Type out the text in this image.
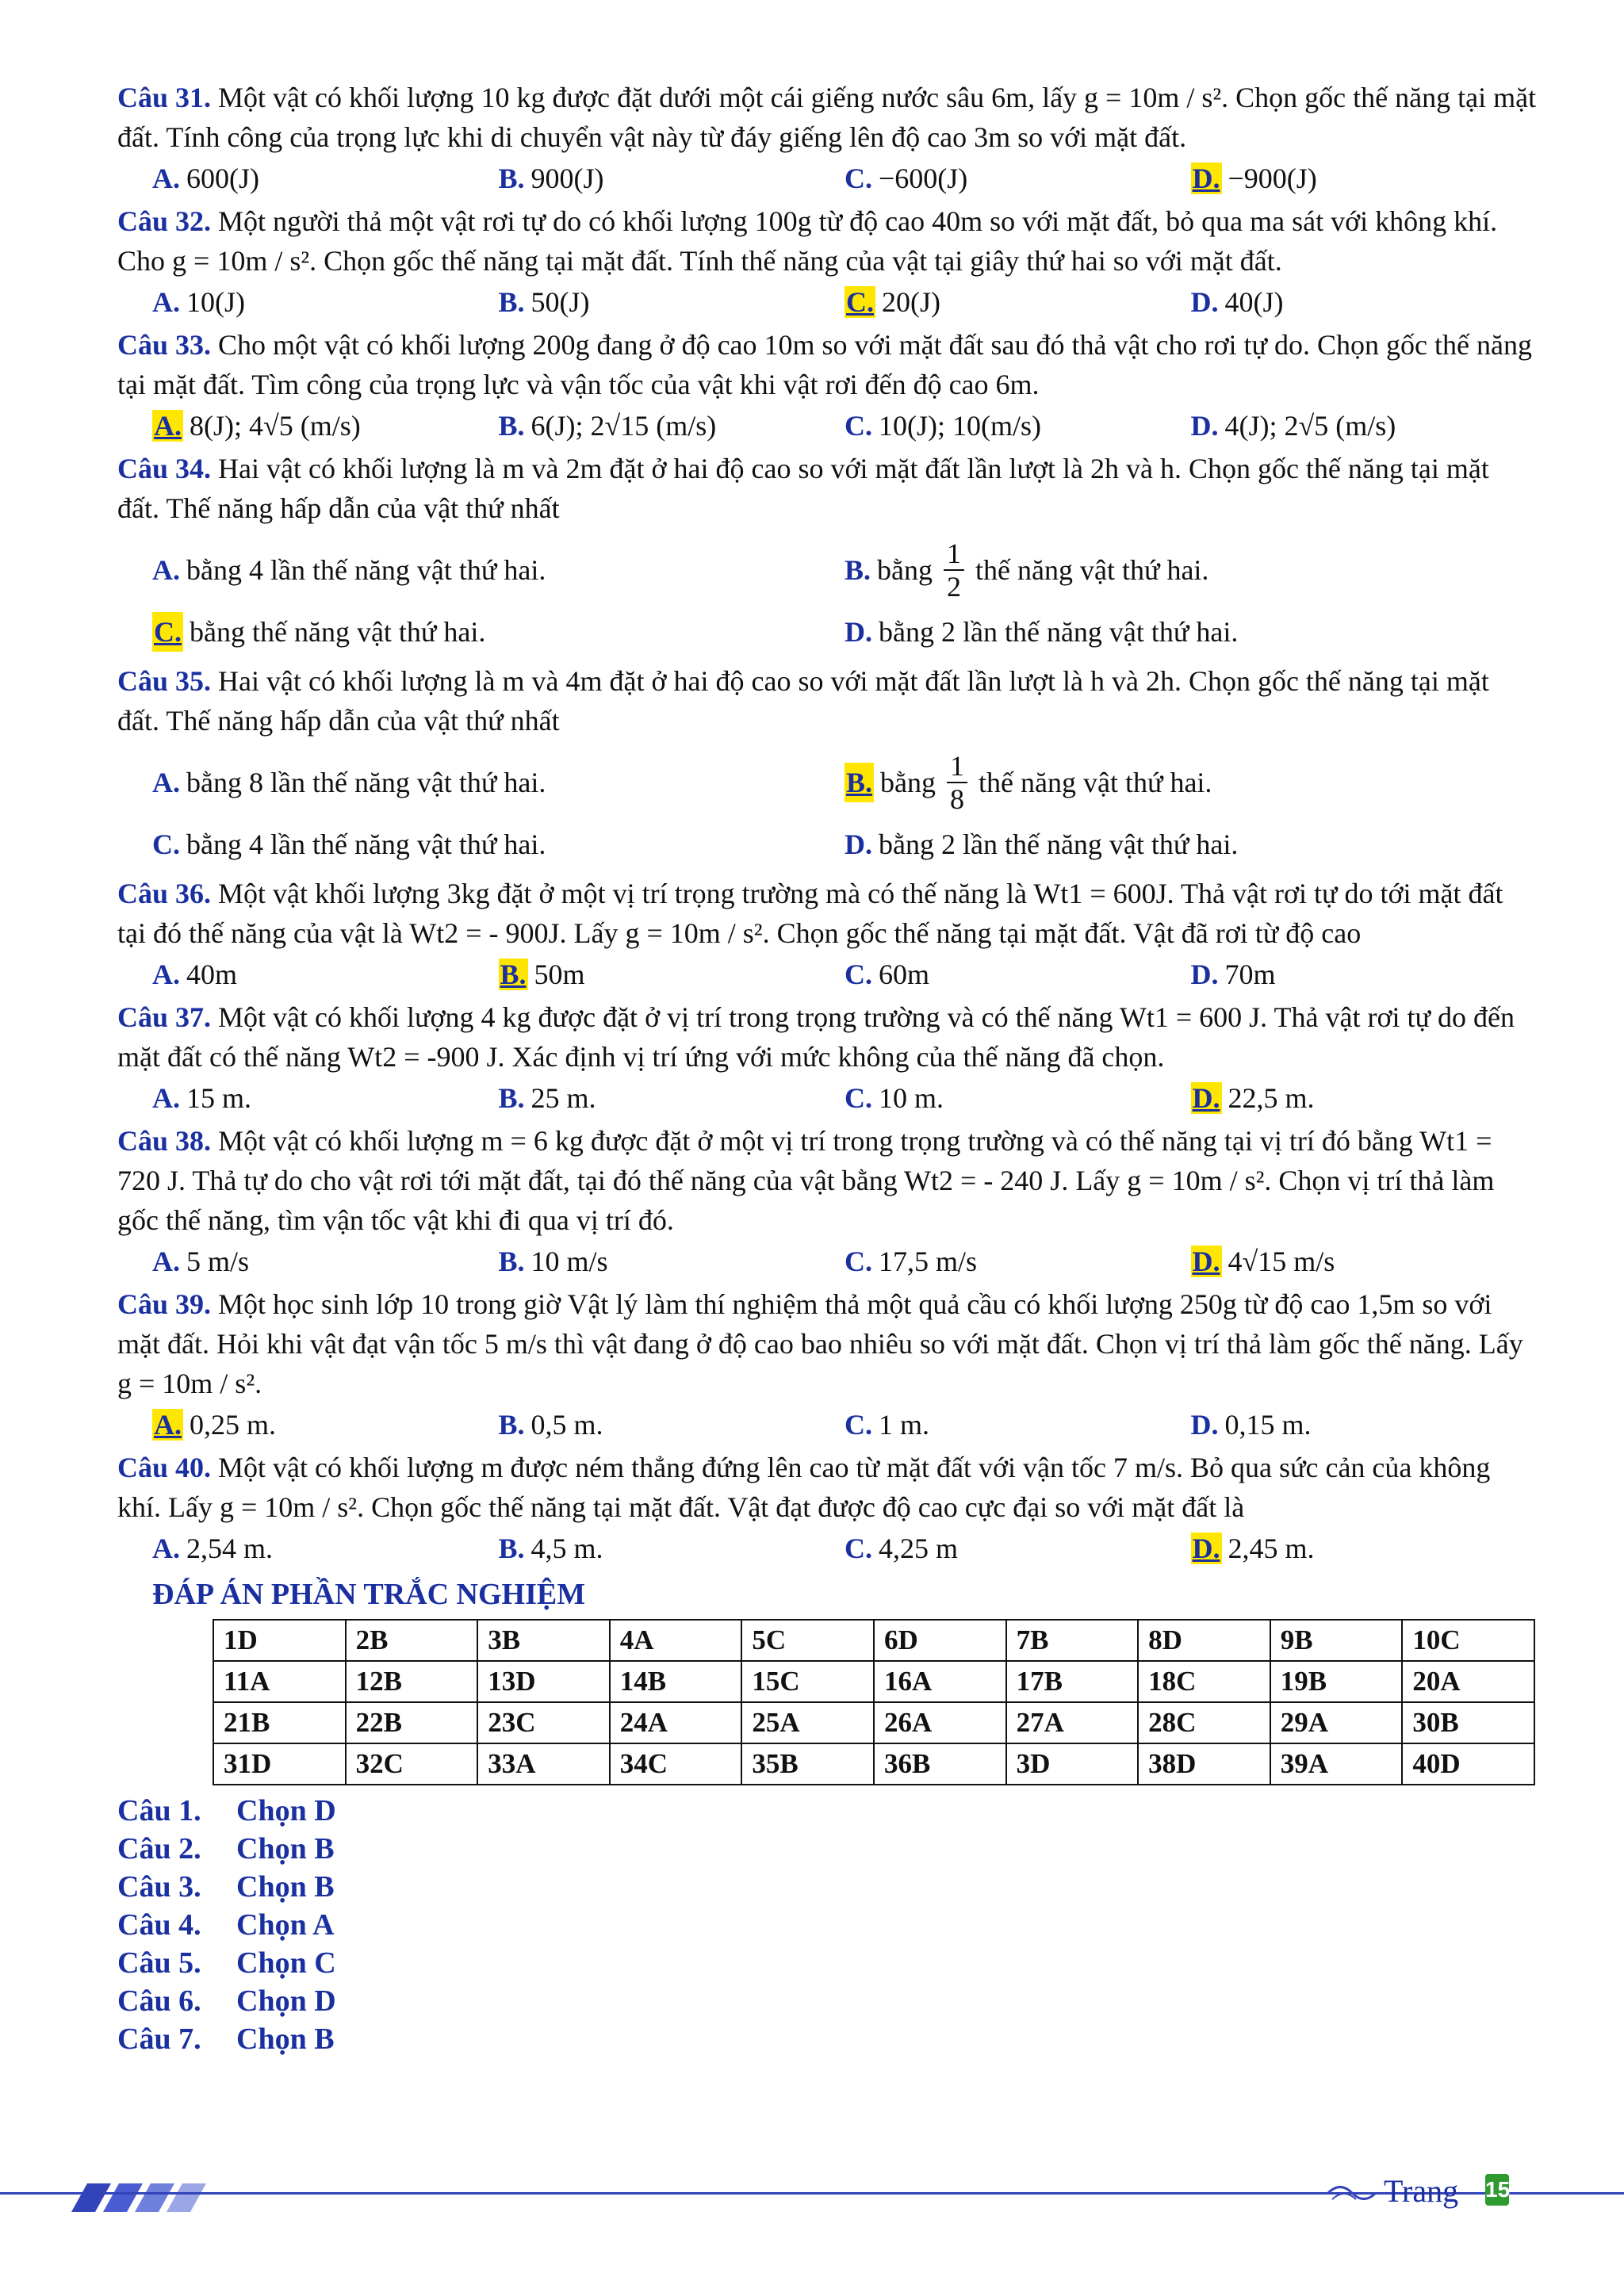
Câu 31. Một vật có khối lượng 10 kg được đặt dưới một cái giếng nước sâu 6m, lấy g = 10m / s². Chọn gốc thế năng tại mặt đất. Tính công của trọng lực khi di chuyển vật này từ đáy giếng lên độ cao 3m so với mặt đất.

A. 600(J)	B. 900(J)	C. −600(J)	D. −900(J)

Câu 32. Một người thả một vật rơi tự do có khối lượng 100g từ độ cao 40m so với mặt đất, bỏ qua ma sát với không khí. Cho g = 10m / s². Chọn gốc thế năng tại mặt đất. Tính thế năng của vật tại giây thứ hai so với mặt đất.

A. 10(J)	B. 50(J)	C. 20(J)	D. 40(J)

Câu 33. Cho một vật có khối lượng 200g đang ở độ cao 10m so với mặt đất sau đó thả vật cho rơi tự do. Chọn gốc thế năng tại mặt đất. Tìm công của trọng lực và vận tốc của vật khi vật rơi đến độ cao 6m.

A. 8(J); 4√5 (m/s)	B. 6(J); 2√15 (m/s)	C. 10(J); 10(m/s)	D. 4(J); 2√5 (m/s)

Câu 34. Hai vật có khối lượng là m và 2m đặt ở hai độ cao so với mặt đất lần lượt là 2h và h. Chọn gốc thế năng tại mặt đất. Thế năng hấp dẫn của vật thứ nhất

A. bằng 4 lần thế năng vật thứ hai.	B. bằng $\frac{1}{2}$ thế năng vật thứ hai.
C. bằng thế năng vật thứ hai.	D. bằng 2 lần thế năng vật thứ hai.

Câu 35. Hai vật có khối lượng là m và 4m đặt ở hai độ cao so với mặt đất lần lượt là h và 2h. Chọn gốc thế năng tại mặt đất. Thế năng hấp dẫn của vật thứ nhất

A. bằng 8 lần thế năng vật thứ hai.	B. bằng $\frac{1}{8}$ thế năng vật thứ hai.
C. bằng 4 lần thế năng vật thứ hai.	D. bằng 2 lần thế năng vật thứ hai.

Câu 36. Một vật khối lượng 3kg đặt ở một vị trí trọng trường mà có thế năng là Wt1 = 600J. Thả vật rơi tự do tới mặt đất tại đó thế năng của vật là Wt2 = - 900J. Lấy g = 10m / s². Chọn gốc thế năng tại mặt đất. Vật đã rơi từ độ cao

A. 40m	B. 50m	C. 60m	D. 70m

Câu 37. Một vật có khối lượng 4 kg được đặt ở vị trí trong trọng trường và có thế năng Wt1 = 600 J. Thả vật rơi tự do đến mặt đất có thế năng Wt2 = -900 J. Xác định vị trí ứng với mức không của thế năng đã chọn.

A. 15 m.	B. 25 m.	C. 10 m.	D. 22,5 m.

Câu 38. Một vật có khối lượng m = 6 kg được đặt ở một vị trí trong trọng trường và có thế năng tại vị trí đó bằng Wt1 = 720 J. Thả tự do cho vật rơi tới mặt đất, tại đó thế năng của vật bằng Wt2 = - 240 J. Lấy g = 10m / s². Chọn vị trí thả làm gốc thế năng, tìm vận tốc vật khi đi qua vị trí đó.

A. 5 m/s	B. 10 m/s	C. 17,5 m/s	D. 4√15 m/s

Câu 39. Một học sinh lớp 10 trong giờ Vật lý làm thí nghiệm thả một quả cầu có khối lượng 250g từ độ cao 1,5m so với mặt đất. Hỏi khi vật đạt vận tốc 5 m/s thì vật đang ở độ cao bao nhiêu so với mặt đất. Chọn vị trí thả làm gốc thế năng. Lấy g = 10m / s².

A. 0,25 m.	B. 0,5 m.	C. 1 m.	D. 0,15 m.

Câu 40. Một vật có khối lượng m được ném thẳng đứng lên cao từ mặt đất với vận tốc 7 m/s. Bỏ qua sức cản của không khí. Lấy g = 10m / s². Chọn gốc thế năng tại mặt đất. Vật đạt được độ cao cực đại so với mặt đất là

A. 2,54 m.	B. 4,5 m.	C. 4,25 m	D. 2,45 m.
ĐÁP ÁN PHẦN TRẮC NGHIỆM
1D	2B	3B	4A	5C	6D	7B	8D	9B	10C
11A	12B	13D	14B	15C	16A	17B	18C	19B	20A
21B	22B	23C	24A	25A	26A	27A	28C	29A	30B
31D	32C	33A	34C	35B	36B	3D	38D	39A	40D
Câu 1. Chọn D
Câu 2. Chọn B
Câu 3. Chọn B
Câu 4. Chọn A
Câu 5. Chọn C
Câu 6. Chọn D
Câu 7. Chọn B
Trang 15
